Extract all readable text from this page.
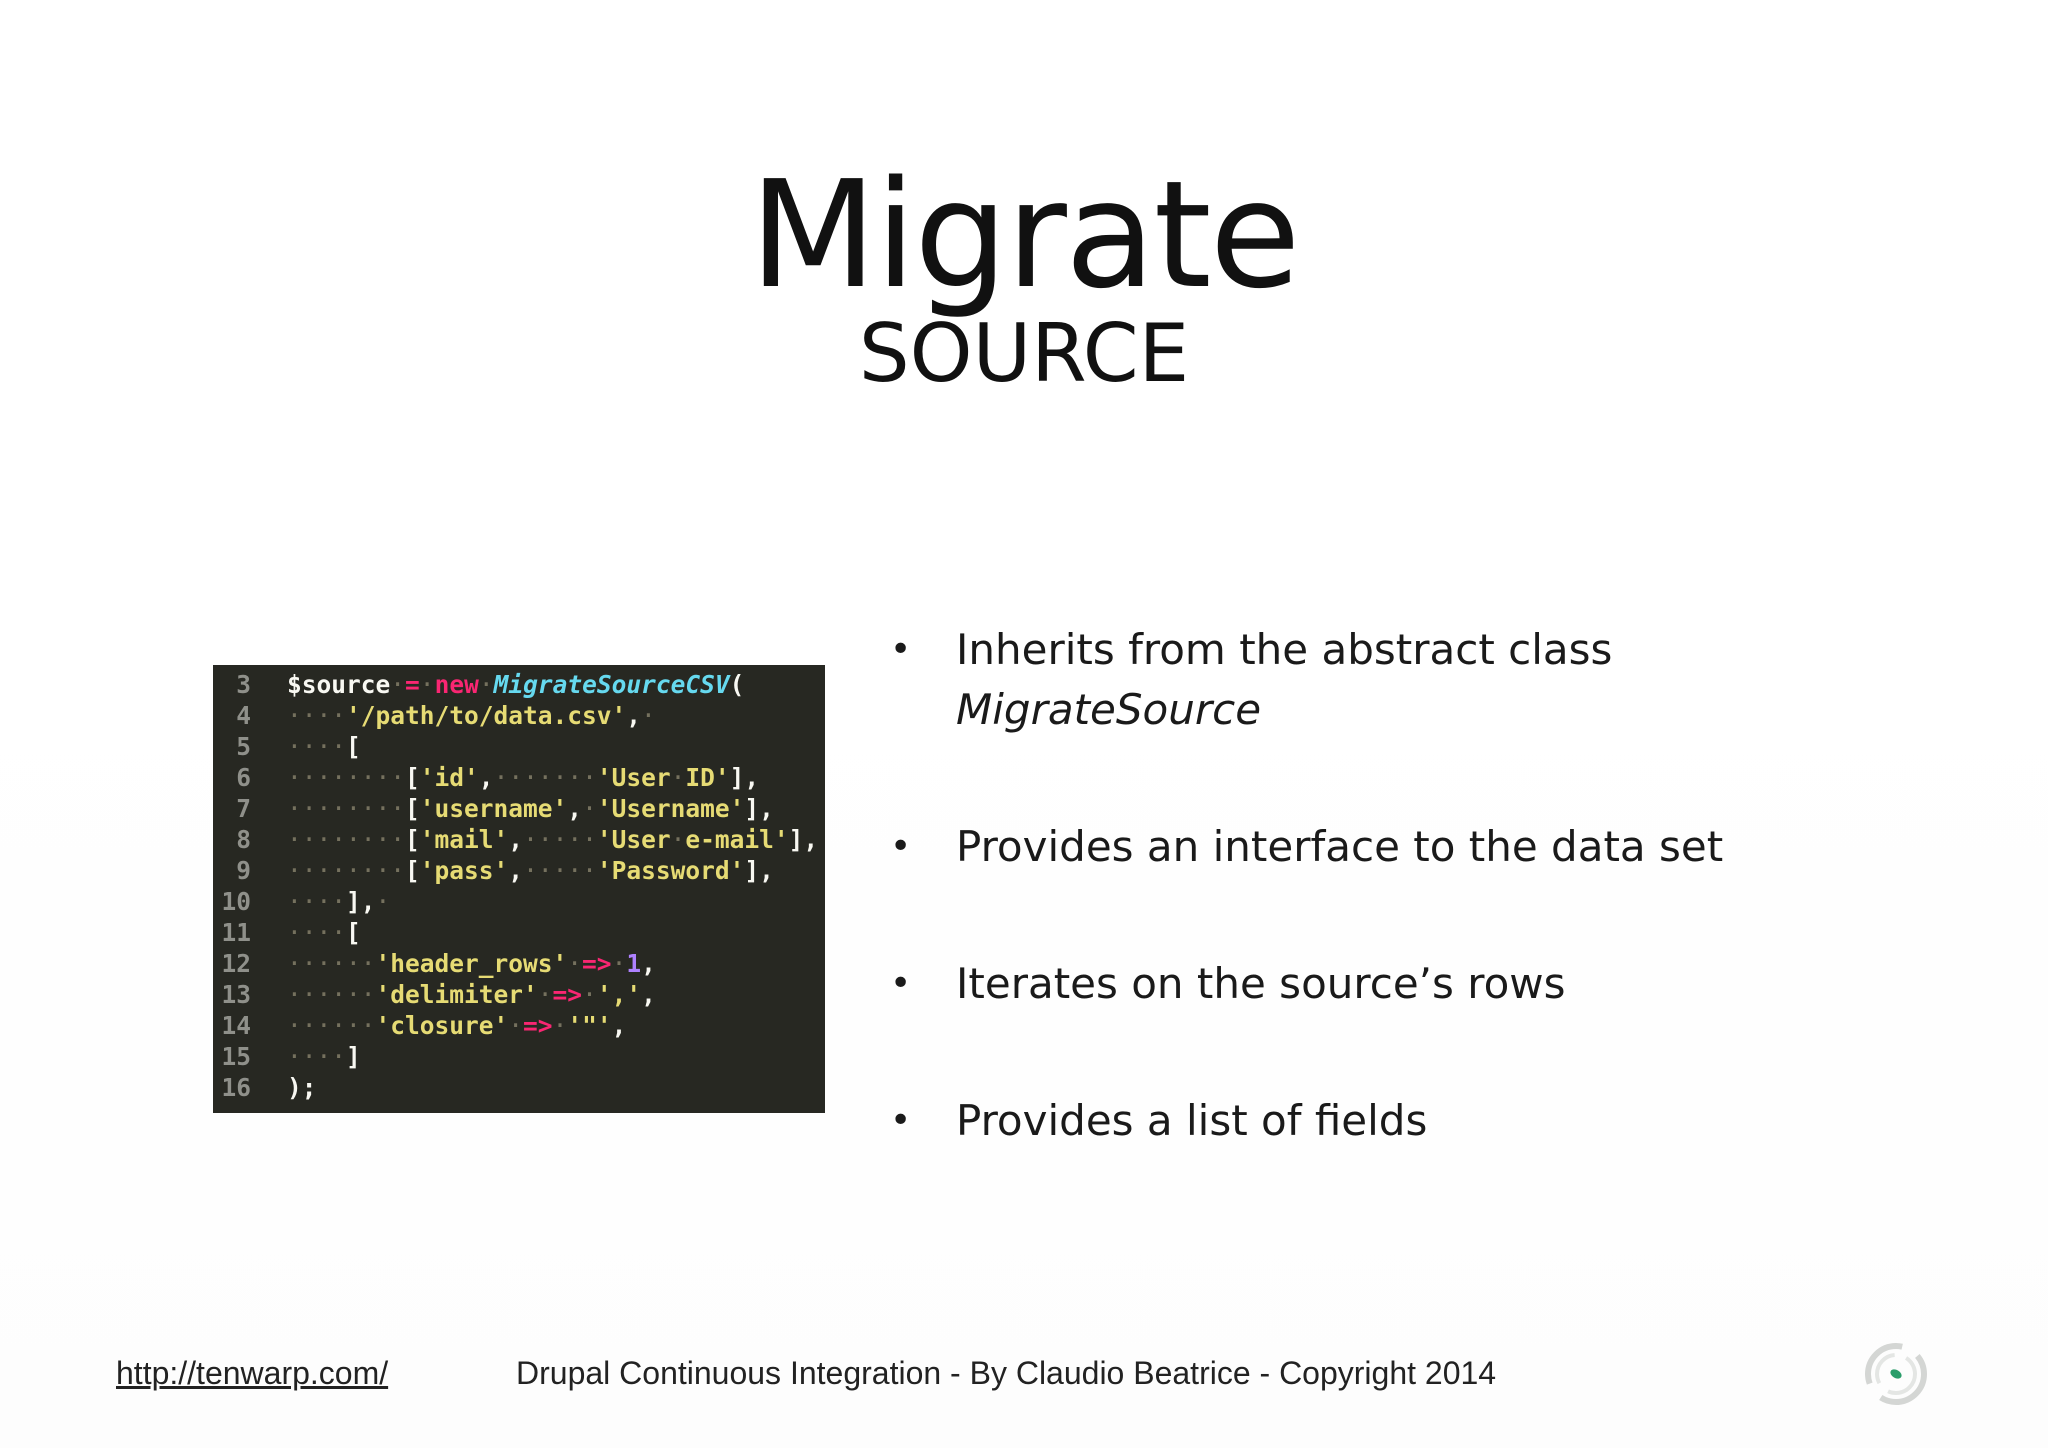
Migrate
SOURCE
3 $source·=·new·MigrateSourceCSV(
4 ····'/path/to/data.csv',·
5 ····[
6 ········['id',·······'User·ID'],
7 ········['username',·'Username'],
8 ········['mail',·····'User·e-mail'],
9 ········['pass',·····'Password'],
10 ····],·
11 ····[
12 ······'header_rows'·=>·1,
13 ······'delimiter'·=>·',',
14 ······'closure'·=>·'"',
15 ····]
16 );
• Inherits from the abstract class
MigrateSource
• Provides an interface to the data set
• Iterates on the source’s rows
• Provides a list of fields
http://tenwarp.com/	Drupal Continuous Integration - By Claudio Beatrice - Copyright 2014
